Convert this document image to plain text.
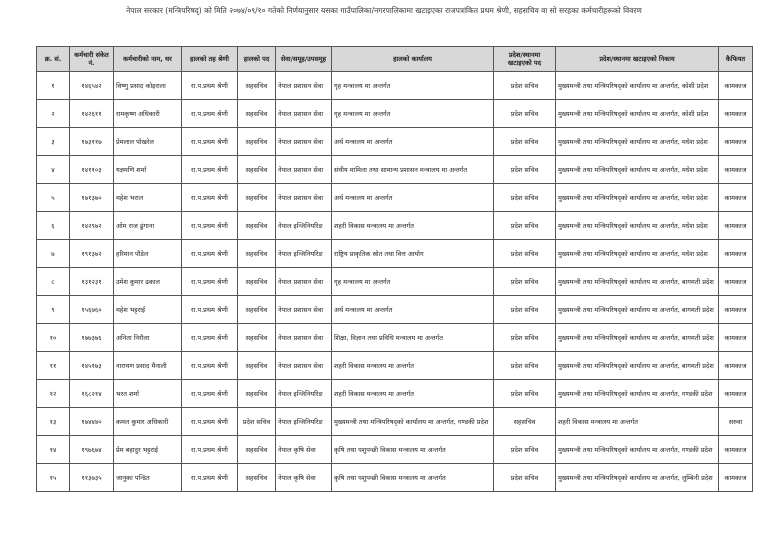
नेपाल सरकार (मन्त्रिपरिषद्) को मिति २०७४/०९/१० गतेको निर्णयानुसार यसका गाउँपालिका/नगरपालिकामा खटाइएका राजपत्रांकित प्रथम श्रेणी, सहसचिव वा सो सरहका कर्मचारीहरूको विवरण
क्र. सं.	कर्मचारी संकेत नं.	कर्मचारीको नाम, थर	हालको तह श्रेणी	हालको पद	सेवा/समूह/उपसमूह	हालको कार्यालय	प्रदेश/स्थानमा खटाइएको पद	प्रदेश/स्थानमा खटाइएको निकाय	कैफियत
१	१४६५४२	विष्णु प्रसाद कोइराला	रा.प.प्रथम श्रेणी	सहसचिव	नेपाल प्रशासन सेवा	गृह मन्त्रालय मा अन्तर्गत	प्रदेश सचिव	मुख्यमन्त्री तथा मन्त्रिपरिषद्को कार्यालय मा अन्तर्गत, कोशी प्रदेश	कामकाज
२	१४२६११	रामकृष्ण अधिकारी	रा.प.प्रथम श्रेणी	सहसचिव	नेपाल प्रशासन सेवा	गृह मन्त्रालय मा अन्तर्गत	प्रदेश सचिव	मुख्यमन्त्री तथा मन्त्रिपरिषद्को कार्यालय मा अन्तर्गत, कोशी प्रदेश	कामकाज
३	१७३११७	प्रेमलाल पोखरेल	रा.प.प्रथम श्रेणी	सहसचिव	नेपाल प्रशासन सेवा	अर्थ मन्त्रालय मा अन्तर्गत	प्रदेश सचिव	मुख्यमन्त्री तथा मन्त्रिपरिषद्को कार्यालय मा अन्तर्गत, मधेश प्रदेश	कामकाज
४	१४११०३	यज्ञमणि शर्मा	रा.प.प्रथम श्रेणी	सहसचिव	नेपाल प्रशासन सेवा	संघीय मामिला तथा सामान्य प्रशासन मन्त्रालय मा अन्तर्गत	प्रदेश सचिव	मुख्यमन्त्री तथा मन्त्रिपरिषद्को कार्यालय मा अन्तर्गत, मधेश प्रदेश	कामकाज
५	१७१३७०	महेश भराल	रा.प.प्रथम श्रेणी	सहसचिव	नेपाल प्रशासन सेवा	अर्थ मन्त्रालय मा अन्तर्गत	प्रदेश सचिव	मुख्यमन्त्री तथा मन्त्रिपरिषद्को कार्यालय मा अन्तर्गत, मधेश प्रदेश	कामकाज
६	१४२९७२	ओम राज ढुंगाना	रा.प.प्रथम श्रेणी	सहसचिव	नेपाल इन्जिनियरिङ	शहरी विकास मन्त्रालय मा अन्तर्गत	प्रदेश सचिव	मुख्यमन्त्री तथा मन्त्रिपरिषद्को कार्यालय मा अन्तर्गत, मधेश प्रदेश	कामकाज
७	१९१३७२	हरिमान पौडेल	रा.प.प्रथम श्रेणी	सहसचिव	नेपाल इन्जिनियरिङ	राष्ट्रिय प्राकृतिक स्रोत तथा वित्त आयोग	प्रदेश सचिव	मुख्यमन्त्री तथा मन्त्रिपरिषद्को कार्यालय मा अन्तर्गत, मधेश प्रदेश	कामकाज
८	१३१२३१	उमेश कुमार ढकाल	रा.प.प्रथम श्रेणी	सहसचिव	नेपाल प्रशासन सेवा	गृह मन्त्रालय मा अन्तर्गत	प्रदेश सचिव	मुख्यमन्त्री तथा मन्त्रिपरिषद्को कार्यालय मा अन्तर्गत, बागमती प्रदेश	कामकाज
९	१५६७६०	महेश भट्टराई	रा.प.प्रथम श्रेणी	सहसचिव	नेपाल प्रशासन सेवा	अर्थ मन्त्रालय मा अन्तर्गत	प्रदेश सचिव	मुख्यमन्त्री तथा मन्त्रिपरिषद्को कार्यालय मा अन्तर्गत, बागमती प्रदेश	कामकाज
१०	१७७३७६	अनिता निरौला	रा.प.प्रथम श्रेणी	सहसचिव	नेपाल प्रशासन सेवा	शिक्षा, विज्ञान तथा प्रविधि मन्त्रालय मा अन्तर्गत	प्रदेश सचिव	मुख्यमन्त्री तथा मन्त्रिपरिषद्को कार्यालय मा अन्तर्गत, बागमती प्रदेश	कामकाज
११	१४५१७३	नारायण प्रसाद मैनाली	रा.प.प्रथम श्रेणी	सहसचिव	नेपाल प्रशासन सेवा	शहरी विकास मन्त्रालय मा अन्तर्गत	प्रदेश सचिव	मुख्यमन्त्री तथा मन्त्रिपरिषद्को कार्यालय मा अन्तर्गत, बागमती प्रदेश	कामकाज
१२	१६८२१४	भरत शर्मा	रा.प.प्रथम श्रेणी	सहसचिव	नेपाल इन्जिनियरिङ	शहरी विकास मन्त्रालय मा अन्तर्गत	प्रदेश सचिव	मुख्यमन्त्री तथा मन्त्रिपरिषद्को कार्यालय मा अन्तर्गत, गण्डकी प्रदेश	कामकाज
१३	१७४४४०	कमल कुमार अधिकारी	रा.प.प्रथम श्रेणी	प्रदेश सचिव	नेपाल इन्जिनियरिङ	मुख्यमन्त्री तथा मन्त्रिपरिषद्को कार्यालय मा अन्तर्गत, गण्डकी प्रदेश	सहसचिव	शहरी विकास मन्त्रालय मा अन्तर्गत	सरुवा
१४	१९७६७४	प्रेम बहादुर भट्टराई	रा.प.प्रथम श्रेणी	सहसचिव	नेपाल कृषि सेवा	कृषि तथा पशुपन्छी विकास मन्त्रालय मा अन्तर्गत	प्रदेश सचिव	मुख्यमन्त्री तथा मन्त्रिपरिषद्को कार्यालय मा अन्तर्गत, गण्डकी प्रदेश	कामकाज
१५	११३७३५	जानुका पन्डित	रा.प.प्रथम श्रेणी	सहसचिव	नेपाल कृषि सेवा	कृषि तथा पशुपन्छी विकास मन्त्रालय मा अन्तर्गत	प्रदेश सचिव	मुख्यमन्त्री तथा मन्त्रिपरिषद्को कार्यालय मा अन्तर्गत, लुम्बिनी प्रदेश	कामकाज
